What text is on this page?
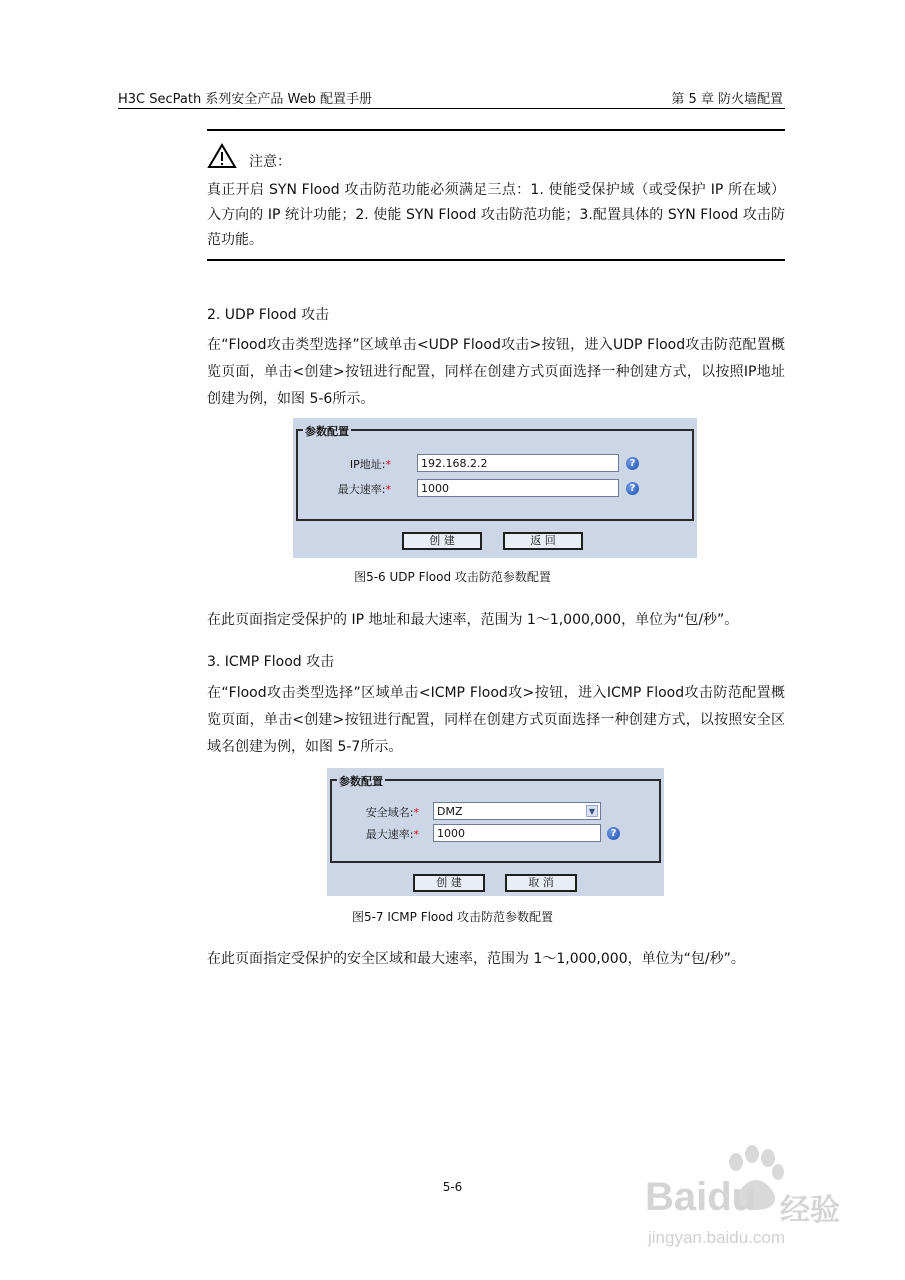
H3C SecPath 系列安全产品 Web 配置手册	第 5 章 防火墙配置
注意：
真正开启 SYN Flood 攻击防范功能必须满足三点：1. 使能受保护域（或受保护 IP 所在域）入方向的 IP 统计功能；2. 使能 SYN Flood 攻击防范功能；3.配置具体的 SYN Flood 攻击防范功能。
2. UDP Flood 攻击
在“Flood攻击类型选择”区域单击<UDP Flood攻击>按钮，进入UDP Flood攻击防范配置概览页面，单击<创建>按钮进行配置，同样在创建方式页面选择一种创建方式，以按照IP地址创建为例，如图 5-6所示。
参数配置
IP地址:*	192.168.2.2	?
最大速率:*	1000	?
创 建	返 回
图5-6 UDP Flood 攻击防范参数配置
在此页面指定受保护的 IP 地址和最大速率，范围为 1～1,000,000，单位为“包/秒”。
3. ICMP Flood 攻击
在“Flood攻击类型选择”区域单击<ICMP Flood攻>按钮，进入ICMP Flood攻击防范配置概览页面，单击<创建>按钮进行配置，同样在创建方式页面选择一种创建方式，以按照安全区域名创建为例，如图 5-7所示。
参数配置
安全域名:*	DMZ	▼
最大速率:*	1000	?
创 建	取 消
图5-7 ICMP Flood 攻击防范参数配置
在此页面指定受保护的安全区域和最大速率，范围为 1～1,000,000，单位为“包/秒”。
5-6	Baidu 经验
jingyan.baidu.com
